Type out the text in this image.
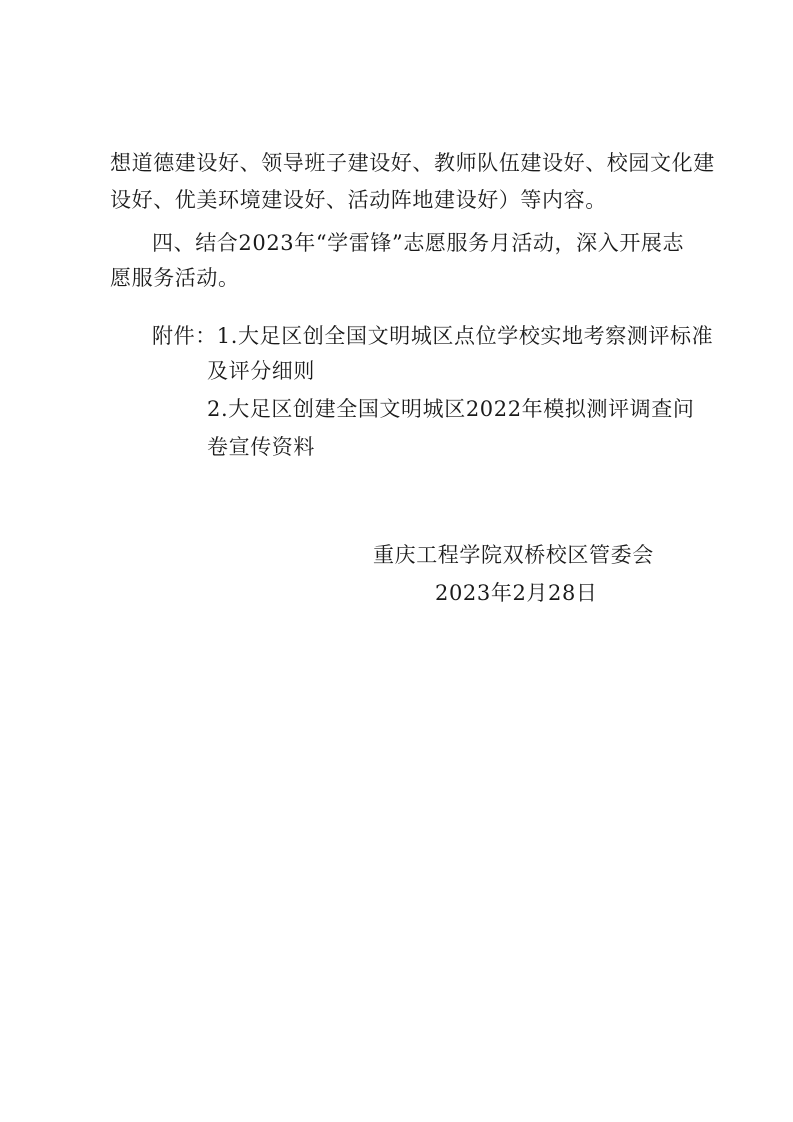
想道德建设好、领导班子建设好、教师队伍建设好、校园文化建
设好、优美环境建设好、活动阵地建设好）等内容。
四、结合2023年“学雷锋”志愿服务月活动，深入开展志
愿服务活动。
附件：1.大足区创全国文明城区点位学校实地考察测评标准
及评分细则
2.大足区创建全国文明城区2022年模拟测评调查问
卷宣传资料
重庆工程学院双桥校区管委会
2023年2月28日
